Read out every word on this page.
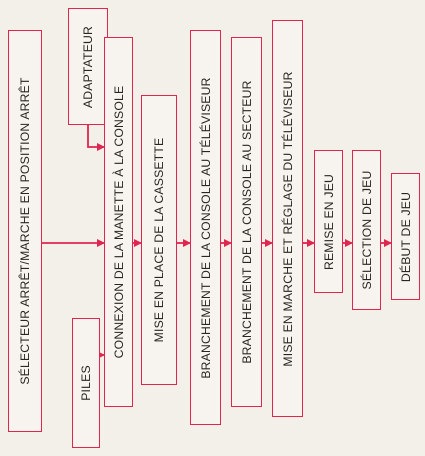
SÉLECTEUR ARRÊT/MARCHE EN POSITION ARRÊT	PILES
ADAPTATEUR
CONNEXION DE LA MANETTE À LA CONSOLE MISE EN PLACE DE LA CASSETTE	BRANCHEMENT DE LA CONSOLE AU TÉLÉVISEUR BRANCHEMENT DE LA CONSOLE AU SECTEUR MISE EN MARCHE ET RÉGLAGE DU TÉLÉVISEUR REMISE EN JEU SÉLECTION DE JEU DÉBUT DE JEU
